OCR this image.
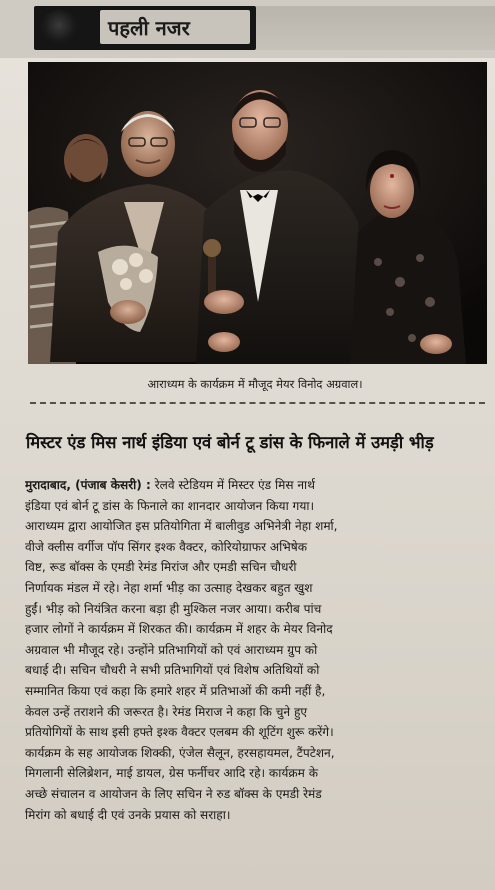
पहली नजर
आराध्यम के कार्यक्रम में मौजूद मेयर विनोद अग्रवाल।
मिस्टर एंड मिस नार्थ इंडिया एवं बोर्न टू डांस के फिनाले में उमड़ी भीड़
मुरादाबाद, (पंजाब केसरी) : रेलवे स्टेडियम में मिस्टर एंड मिस नार्थ
इंडिया एवं बोर्न टू डांस के फिनाले का शानदार आयोजन किया गया।
आराध्यम द्वारा आयोजित इस प्रतियोगिता में बालीवुड अभिनेत्री नेहा शर्मा,
वीजे क्लीस वर्गीज पॉप सिंगर इश्क वैक्टर, कोरियोग्राफर अभिषेक
विष्ट, रूड बॉक्स के एमडी रेमंड मिरांज और एमडी सचिन चौधरी
निर्णायक मंडल में रहे। नेहा शर्मा भीड़ का उत्साह देखकर बहुत खुश
हुईं। भीड़ को नियंत्रित करना बड़ा ही मुश्किल नजर आया। करीब पांच
हजार लोगों ने कार्यक्रम में शिरकत की। कार्यक्रम में शहर के मेयर विनोद
अग्रवाल भी मौजूद रहे। उन्होंने प्रतिभागियों को एवं आराध्यम ग्रुप को
बधाई दी। सचिन चौधरी ने सभी प्रतिभागियों एवं विशेष अतिथियों को
सम्मानित किया एवं कहा कि हमारे शहर में प्रतिभाओं की कमी नहीं है,
केवल उन्हें तराशने की जरूरत है। रेमंड मिराज ने कहा कि चुने हुए
प्रतियोगियों के साथ इसी हफ्ते इश्क वैक्टर एलबम की शूटिंग शुरू करेंगे।
कार्यक्रम के सह आयोजक शिक्की, एंजेल सैलून, हरसहायमल, टैंपटेशन,
मिगलानी सेलिब्रेशन, माई डायल, ग्रेस फर्नीचर आदि रहे। कार्यक्रम के
अच्छे संचालन व आयोजन के लिए सचिन ने रुड बॉक्स के एमडी रेमंड
मिरांग को बधाई दी एवं उनके प्रयास को सराहा।
